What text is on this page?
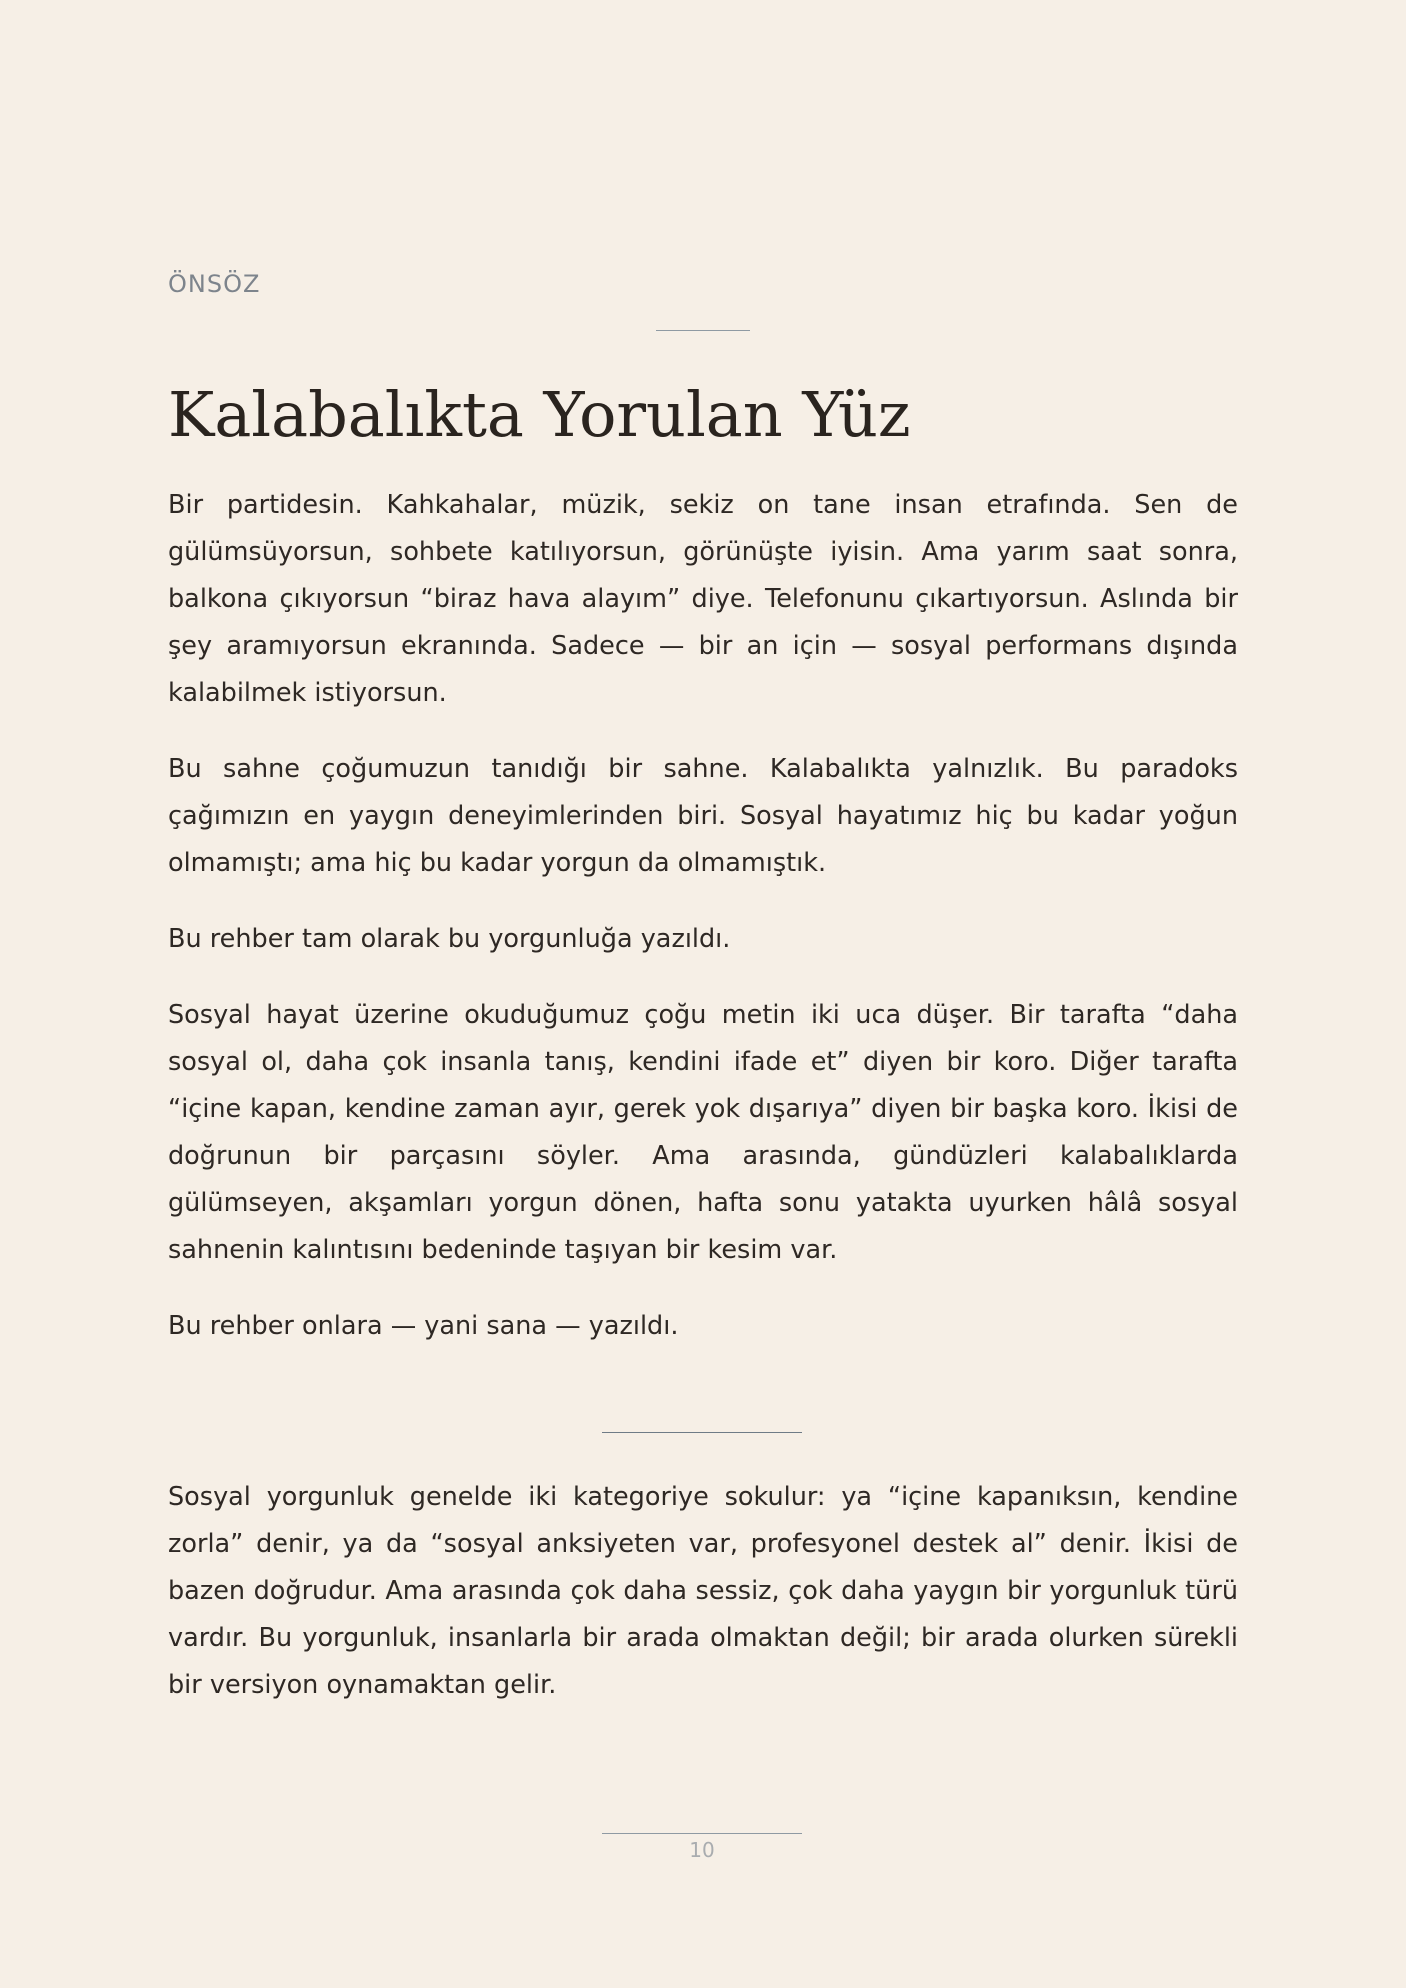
ÖNSÖZ
Kalabalıkta Yorulan Yüz

Bir partidesin. Kahkahalar, müzik, sekiz on tane insan etrafında. Sen de gülümsüyorsun, sohbete katılıyorsun, görünüşte iyisin. Ama yarım saat sonra, balkona çıkıyorsun “biraz hava alayım” diye. Telefonunu çıkartıyorsun. Aslında bir şey aramıyorsun ekranında. Sadece — bir an için — sosyal performans dışında kalabilmek istiyorsun.

Bu sahne çoğumuzun tanıdığı bir sahne. Kalabalıkta yalnızlık. Bu paradoks çağımızın en yaygın deneyimlerinden biri. Sosyal hayatımız hiç bu kadar yoğun olmamıştı; ama hiç bu kadar yorgun da olmamıştık.

Bu rehber tam olarak bu yorgunluğa yazıldı.

Sosyal hayat üzerine okuduğumuz çoğu metin iki uca düşer. Bir tarafta “daha sosyal ol, daha çok insanla tanış, kendini ifade et” diyen bir koro. Diğer tarafta “içine kapan, kendine zaman ayır, gerek yok dışarıya” diyen bir başka koro. İkisi de doğrunun bir parçasını söyler. Ama arasında, gündüzleri kalabalıklarda gülümseyen, akşamları yorgun dönen, hafta sonu yatakta uyurken hâlâ sosyal sahnenin kalıntısını bedeninde taşıyan bir kesim var.

Bu rehber onlara — yani sana — yazıldı.

Sosyal yorgunluk genelde iki kategoriye sokulur: ya “içine kapanıksın, kendine zorla” denir, ya da “sosyal anksiyeten var, profesyonel destek al” denir. İkisi de bazen doğrudur. Ama arasında çok daha sessiz, çok daha yaygın bir yorgunluk türü vardır. Bu yorgunluk, insanlarla bir arada olmaktan değil; bir arada olurken sürekli bir versiyon oynamaktan gelir.

10
